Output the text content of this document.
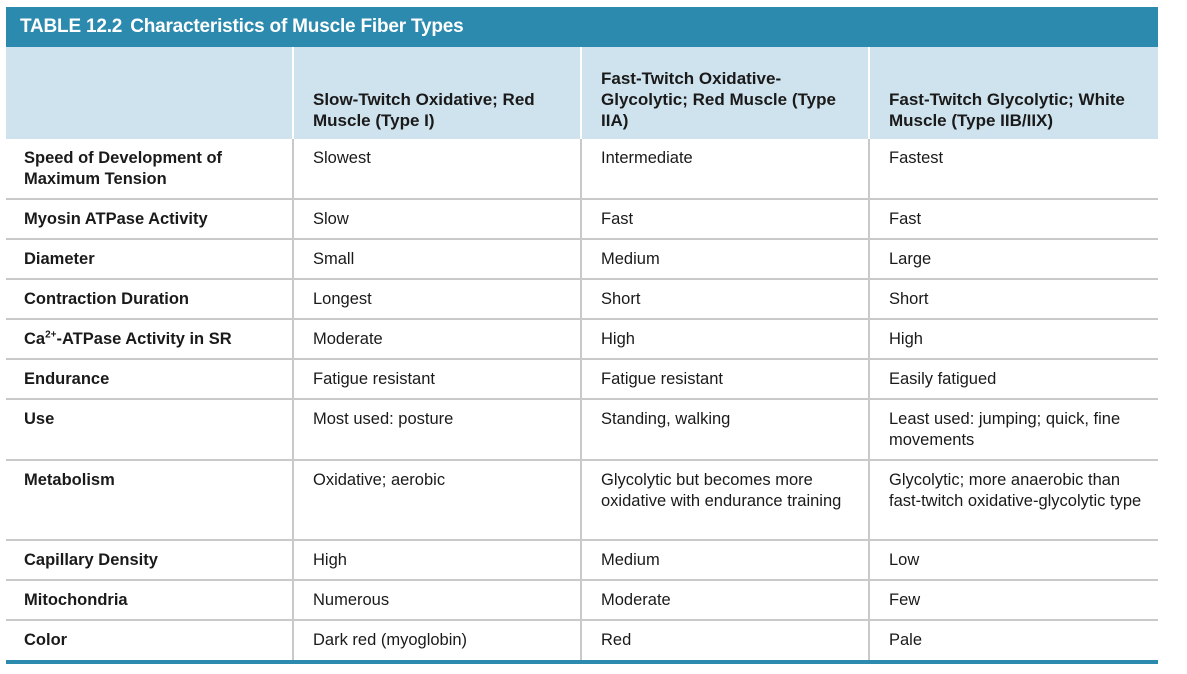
TABLE 12.2 Characteristics of Muscle Fiber Types
	Slow-Twitch Oxidative; Red Muscle (Type I)	Fast-Twitch Oxidative-Glycolytic; Red Muscle (Type IIA)	Fast-Twitch Glycolytic; White Muscle (Type IIB/IIX)
Speed of Development of Maximum Tension	Slowest	Intermediate	Fastest
Myosin ATPase Activity	Slow	Fast	Fast
Diameter	Small	Medium	Large
Contraction Duration	Longest	Short	Short
$Ca^{2+}$-ATPase Activity in SR	Moderate	High	High
Endurance	Fatigue resistant	Fatigue resistant	Easily fatigued
Use	Most used: posture	Standing, walking	Least used: jumping; quick, fine movements
Metabolism	Oxidative; aerobic	Glycolytic but becomes more oxidative with endurance training	Glycolytic; more anaerobic than fast-twitch oxidative-glycolytic type
Capillary Density	High	Medium	Low
Mitochondria	Numerous	Moderate	Few
Color	Dark red (myoglobin)	Red	Pale
